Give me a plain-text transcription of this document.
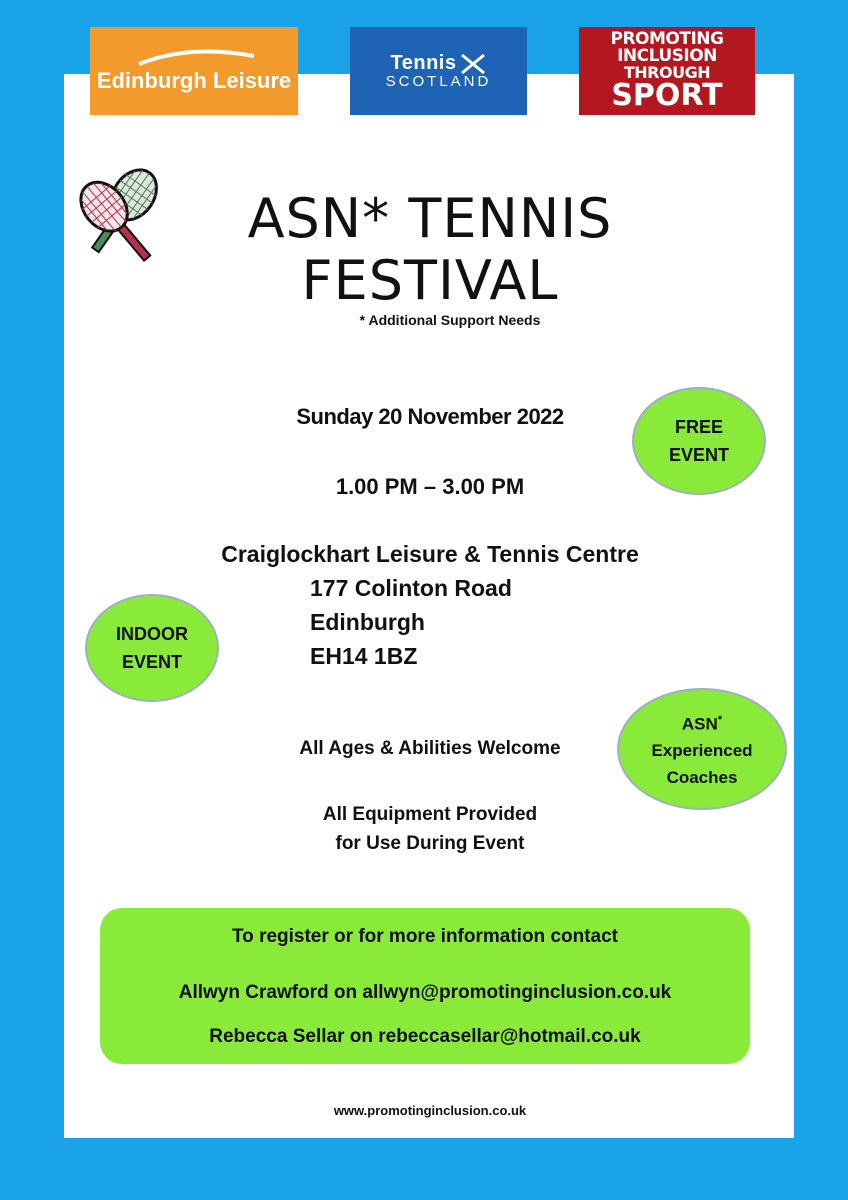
Edinburgh Leisure
Tennis
SCOTLAND
PROMOTING
INCLUSION
THROUGH
SPORT
ASN* TENNIS
FESTIVAL
* Additional Support Needs
Sunday 20 November 2022
1.00 PM – 3.00 PM
Craiglockhart Leisure & Tennis Centre
177 Colinton Road
Edinburgh
EH14 1BZ
All Ages & Abilities Welcome
All Equipment Provided
for Use During Event
FREE
EVENT
INDOOR
EVENT
ASN*
Experienced
Coaches
To register or for more information contact
Allwyn Crawford on allwyn@promotinginclusion.co.uk
Rebecca Sellar on rebeccasellar@hotmail.co.uk
www.promotinginclusion.co.uk
